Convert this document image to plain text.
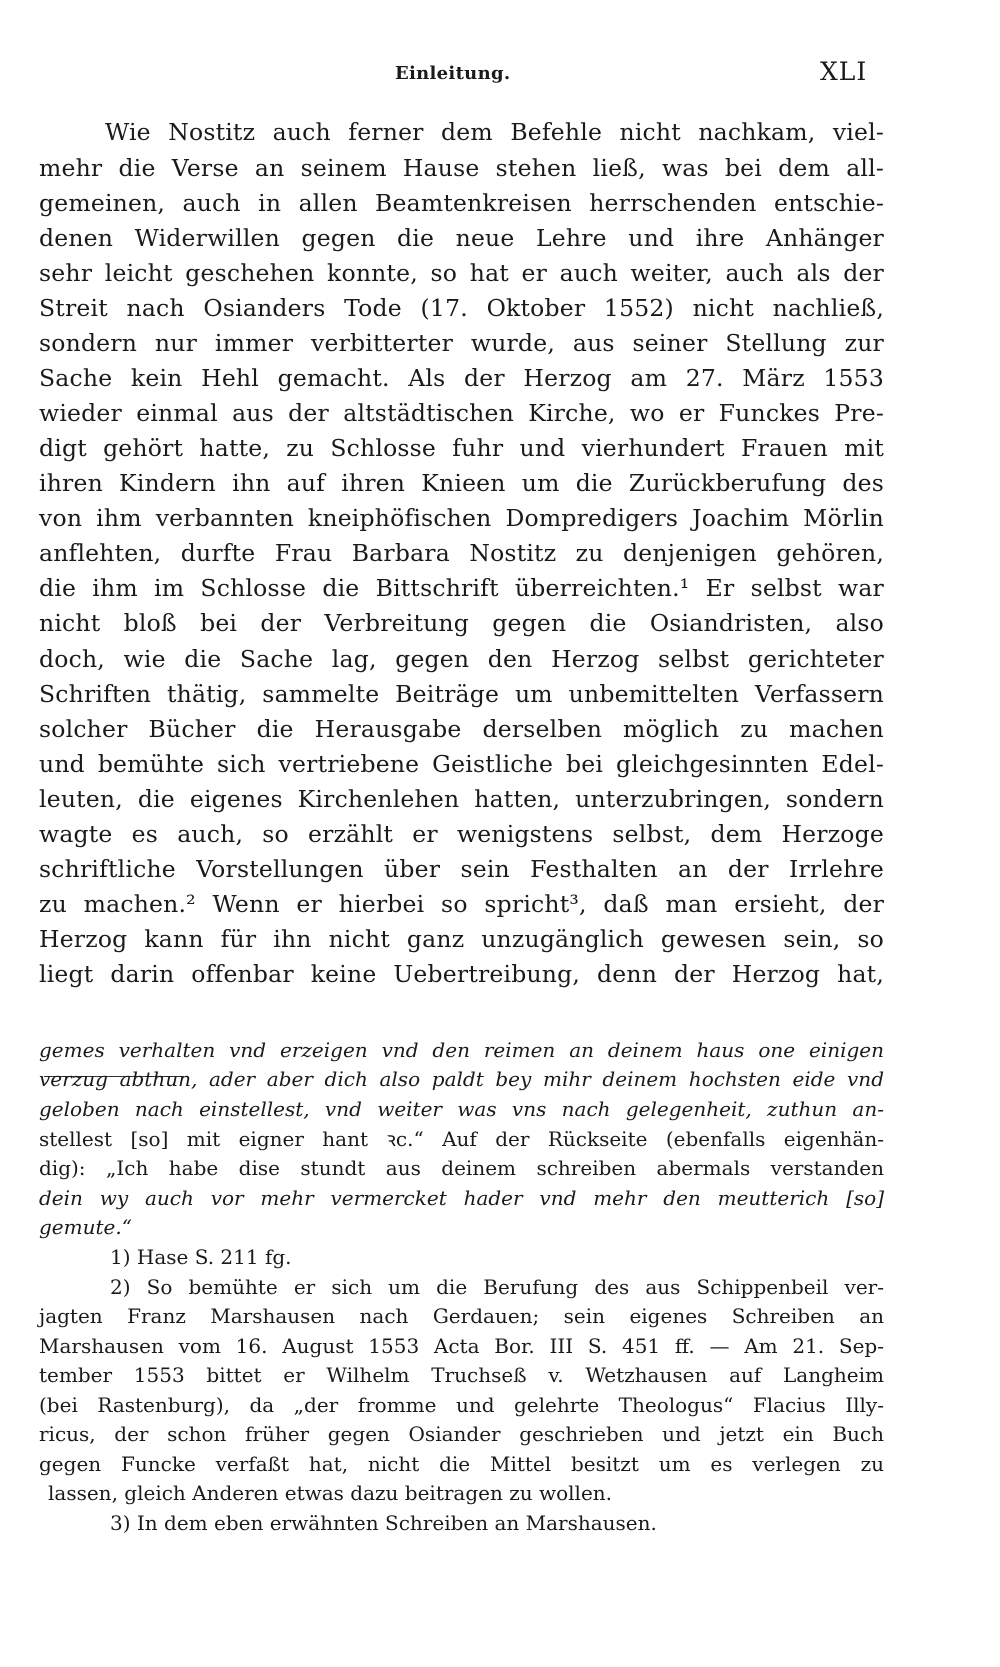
Einleitung.	XLI
Wie Nostitz auch ferner dem Befehle nicht nachkam, viel-
mehr die Verse an seinem Hause stehen ließ, was bei dem all-
gemeinen, auch in allen Beamtenkreisen herrschenden entschie-
denen Widerwillen gegen die neue Lehre und ihre Anhänger
sehr leicht geschehen konnte, so hat er auch weiter, auch als der
Streit nach Osianders Tode (17. Oktober 1552) nicht nachließ,
sondern nur immer verbitterter wurde, aus seiner Stellung zur
Sache kein Hehl gemacht. Als der Herzog am 27. März 1553
wieder einmal aus der altstädtischen Kirche, wo er Funckes Pre-
digt gehört hatte, zu Schlosse fuhr und vierhundert Frauen mit
ihren Kindern ihn auf ihren Knieen um die Zurückberufung des
von ihm verbannten kneiphöfischen Dompredigers Joachim Mörlin
anflehten, durfte Frau Barbara Nostitz zu denjenigen gehören,
die ihm im Schlosse die Bittschrift überreichten.¹ Er selbst war
nicht bloß bei der Verbreitung gegen die Osiandristen, also
doch, wie die Sache lag, gegen den Herzog selbst gerichteter
Schriften thätig, sammelte Beiträge um unbemittelten Verfassern
solcher Bücher die Herausgabe derselben möglich zu machen
und bemühte sich vertriebene Geistliche bei gleichgesinnten Edel-
leuten, die eigenes Kirchenlehen hatten, unterzubringen, sondern
wagte es auch, so erzählt er wenigstens selbst, dem Herzoge
schriftliche Vorstellungen über sein Festhalten an der Irrlehre
zu machen.² Wenn er hierbei so spricht³, daß man ersieht, der
Herzog kann für ihn nicht ganz unzugänglich gewesen sein, so
liegt darin offenbar keine Uebertreibung, denn der Herzog hat,
gemes verhalten vnd erzeigen vnd den reimen an deinem haus one einigen
verzug abthun, ader aber dich also paldt bey mihr deinem hochsten eide vnd
geloben nach einstellest, vnd weiter was vns nach gelegenheit, zuthun an-
stellest [so] mit eigner hant ꝛc.“ Auf der Rückseite (ebenfalls eigenhän-
dig): „Ich habe dise stundt aus deinem schreiben abermals verstanden
dein wy auch vor mehr vermercket hader vnd mehr den meutterich [so]
gemute.“
1) Hase S. 211 fg.
2) So bemühte er sich um die Berufung des aus Schippenbeil ver-
jagten Franz Marshausen nach Gerdauen; sein eigenes Schreiben an
Marshausen vom 16. August 1553 Acta Bor. III S. 451 ff. — Am 21. Sep-
tember 1553 bittet er Wilhelm Truchseß v. Wetzhausen auf Langheim
(bei Rastenburg), da „der fromme und gelehrte Theologus“ Flacius Illy-
ricus, der schon früher gegen Osiander geschrieben und jetzt ein Buch
gegen Funcke verfaßt hat, nicht die Mittel besitzt um es verlegen zu
lassen, gleich Anderen etwas dazu beitragen zu wollen.
3) In dem eben erwähnten Schreiben an Marshausen.
